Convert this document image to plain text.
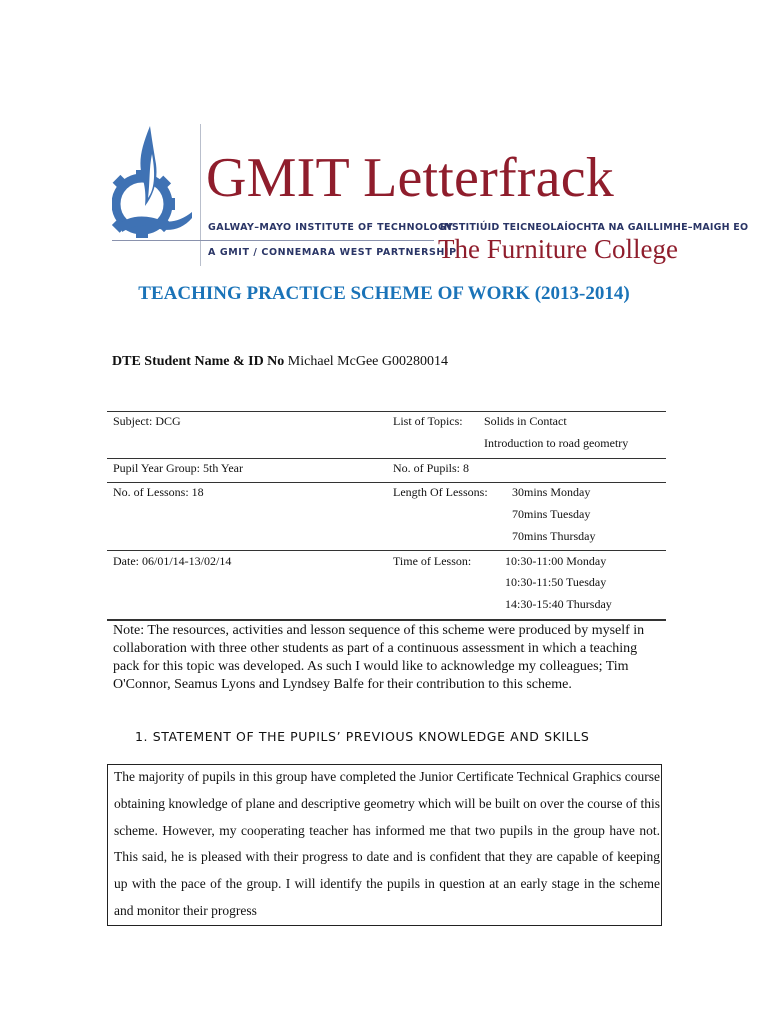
GMIT Letterfrack
GALWAY–MAYO INSTITUTE OF TECHNOLOGY
INSTITIÚID TEICNEOLAÍOCHTA NA GAILLIMHE–MAIGH EO
A GMIT / CONNEMARA WEST PARTNERSHIP
The Furniture College
TEACHING PRACTICE SCHEME OF WORK (2013-2014)
DTE Student Name & ID No Michael McGee G00280014
Subject: DCG	List of Topics: Solids in Contact
Introduction to road geometry
Pupil Year Group: 5th Year	No. of Pupils: 8
No. of Lessons: 18	Length Of Lessons: 30mins Monday
70mins Tuesday
70mins Thursday
Date: 06/01/14-13/02/14	Time of Lesson:	10:30-11:00 Monday
10:30-11:50 Tuesday
14:30-15:40 Thursday
Note: The resources, activities and lesson sequence of this scheme were produced by myself in collaboration with three other students as part of a continuous assessment in which a teaching pack for this topic was developed. As such I would like to acknowledge my colleagues; Tim O'Connor, Seamus Lyons and Lyndsey Balfe for their contribution to this scheme.
1. STATEMENT OF THE PUPILS’ PREVIOUS KNOWLEDGE AND SKILLS
The majority of pupils in this group have completed the Junior Certificate Technical Graphics course obtaining knowledge of plane and descriptive geometry which will be built on over the course of this scheme. However, my cooperating teacher has informed me that two pupils in the group have not. This said, he is pleased with their progress to date and is confident that they are capable of keeping up with the pace of the group. I will identify the pupils in question at an early stage in the scheme and monitor their progress
